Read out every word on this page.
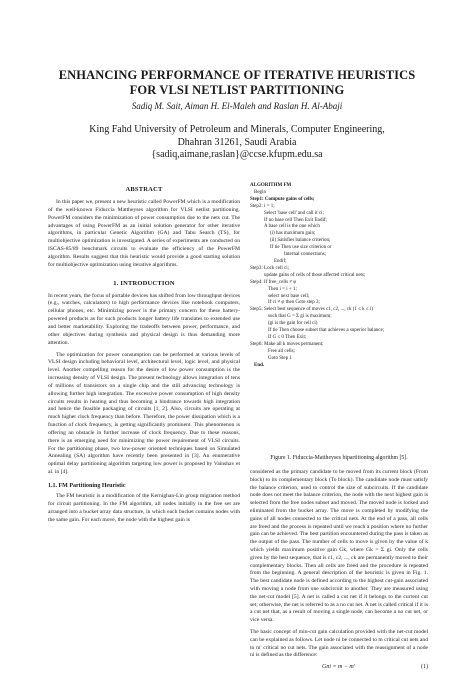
ENHANCING PERFORMANCE OF ITERATIVE HEURISTICS
FOR VLSI NETLIST PARTITIONING
Sadiq M. Sait, Aiman H. El-Maleh and Raslan H. Al-Abaji
King Fahd University of Petroleum and Minerals, Computer Engineering,
Dhahran 31261, Saudi Arabia
{sadiq,aimane,raslan}@ccse.kfupm.edu.sa
ABSTRACT

In this paper we, present a new heuristic called PowerFM which is a modification of the well-known Fiduccia Mattheyses algorithm for VLSI netlist partitioning. PowerFM considers the minimization of power consumption due to the nets cut. The advantages of using PowerFM as an initial solution generator for other iterative algorithms, in particular Genetic Algorithm (GA) and Tabu Search (TS), for multiobjective optimization is investigated. A series of experiments are conducted on ISCAS-85/89 benchmark circuits to evaluate the efficiency of the PowerFM algorithm. Results suggest that this heuristic would provide a good starting solution for multiobjective optimization using iterative algorithms.

1. INTRODUCTION

In recent years, the focus of portable devices has shifted from low throughput devices (e.g., watches, calculators) to high performance devices like notebook computers, cellular phones, etc. Minimizing power is the primary concern for these battery-powered products as for such products longer battery life translates to extended use and better marketability. Exploring the tradeoffs between power, performance, and other objectives during synthesis and physical design is thus demanding more attention.

The optimization for power consumption can be performed at various levels of VLSI design including behavioral level, architectural level, logic level, and physical level. Another compelling reason for the desire of low power consumption is the increasing density of VLSI design. The present technology allows integration of tens of millions of transistors on a single chip and the still advancing technology is allowing further high integration. The excessive power consumption of high density circuits results in heating and thus becoming a hindrance towards high integration and hence the feasible packaging of circuits [1, 2]. Also, circuits are operating at much higher clock frequency than before. Therefore, the power dissipation which is a function of clock frequency, is getting significantly prominent. This phenomenon is offering an obstacle in further increase of clock frequency. Due to these reasons, there is an emerging need for minimizing the power requirement of VLSI circuits. For the partitioning phase, two low-power oriented techniques based on Simulated Annealing (SA) algorithm have recently been presented in [3]. An enumerative optimal delay partitioning algorithm targeting low power is proposed by Vainshav et al. in [4].

1.1. FM Partitioning Heuristic

The FM heuristic is a modification of the Kernighan-Lin group migration method for circuit partitioning. In the FM algorithm, all nodes initially in the free set are arranged into a bucket array data structure, in which each bucket contains nodes with the same gain. For each move, the node with the highest gain is

ALGORITHM FM
Begin
Step1: Compute gains of cells;
Step2: i = 1;
Select 'base cell' and call it ci;
If no base cell Then Exit Endif;
A base cell is the one which
(i) has maximum gain;
(ii) Satisfies balance criterion;
If tie Then use size criterion or
Internal connections;
Endif;
Step3: Lock cell ci;
update gains of cells of those affected critical nets;
Step4: If free_cells ≠ φ
Then i = i + 1;
select next base cell;
If ci ≠ φ then Goto step 3;
Step5: Select best sequence of moves c1, c2, ..., ck (1 ≤ k ≤ i)
such that G = Σ gi is maximum;
(gi is the gain for cell ci)
If tie Then choose subset that achieves a superior balance;
If G ≤ 0 Then Exit;
Step6: Make all k moves permanent;
Free all cells;
Goto Step 1
End.
Figure 1. Fiduccia-Mattheyses bipartitioning algorithm [5].

considered as the primary candidate to be moved from its current block (From block) to its complementary block (To block). The candidate node must satisfy the balance criterion, used to control the size of subcircuits. If the candidate node does not meet the balance criterion, the node with the next highest gain is selected from the free nodes subset and moved. The moved node is locked and eliminated from the bucket array. The move is completed by modifying the gains of all nodes connected to the critical nets. At the end of a pass, all cells are freed and the process is repeated until we reach a position where no further gain can be achieved. The best partition encountered during the pass is taken as the output of the pass. The number of cells to move is given by the value of k which yields maximum positive gain Gk, where Gk = Σ gi. Only the cells given by the best sequence, that is c1, c2, ..., ck are permanently moved to their complementary blocks. Then all cells are freed and the procedure is repeated from the beginning. A general description of the heuristic is given in Fig. 1. The best candidate node is defined according to the highest cut-gain associated with moving a node from one subcircuit to another. They are measured using the net-cut model [5]. A net is called a cut net if it belongs to the current cut set; otherwise, the net is referred to as a no cut net. A net is called critical if it is a cut net that, as a result of moving a single node, can become a no cut net, or vice versa.

The basic concept of min-cut gain calculation provided with the net-cut model can be explained as follows. Let node ni be connected to m critical cut nets and to m' critical no cut nets. The gain associated with the reassignment of a node ni is defined as the difference:

Gni = m − m'	(1)
